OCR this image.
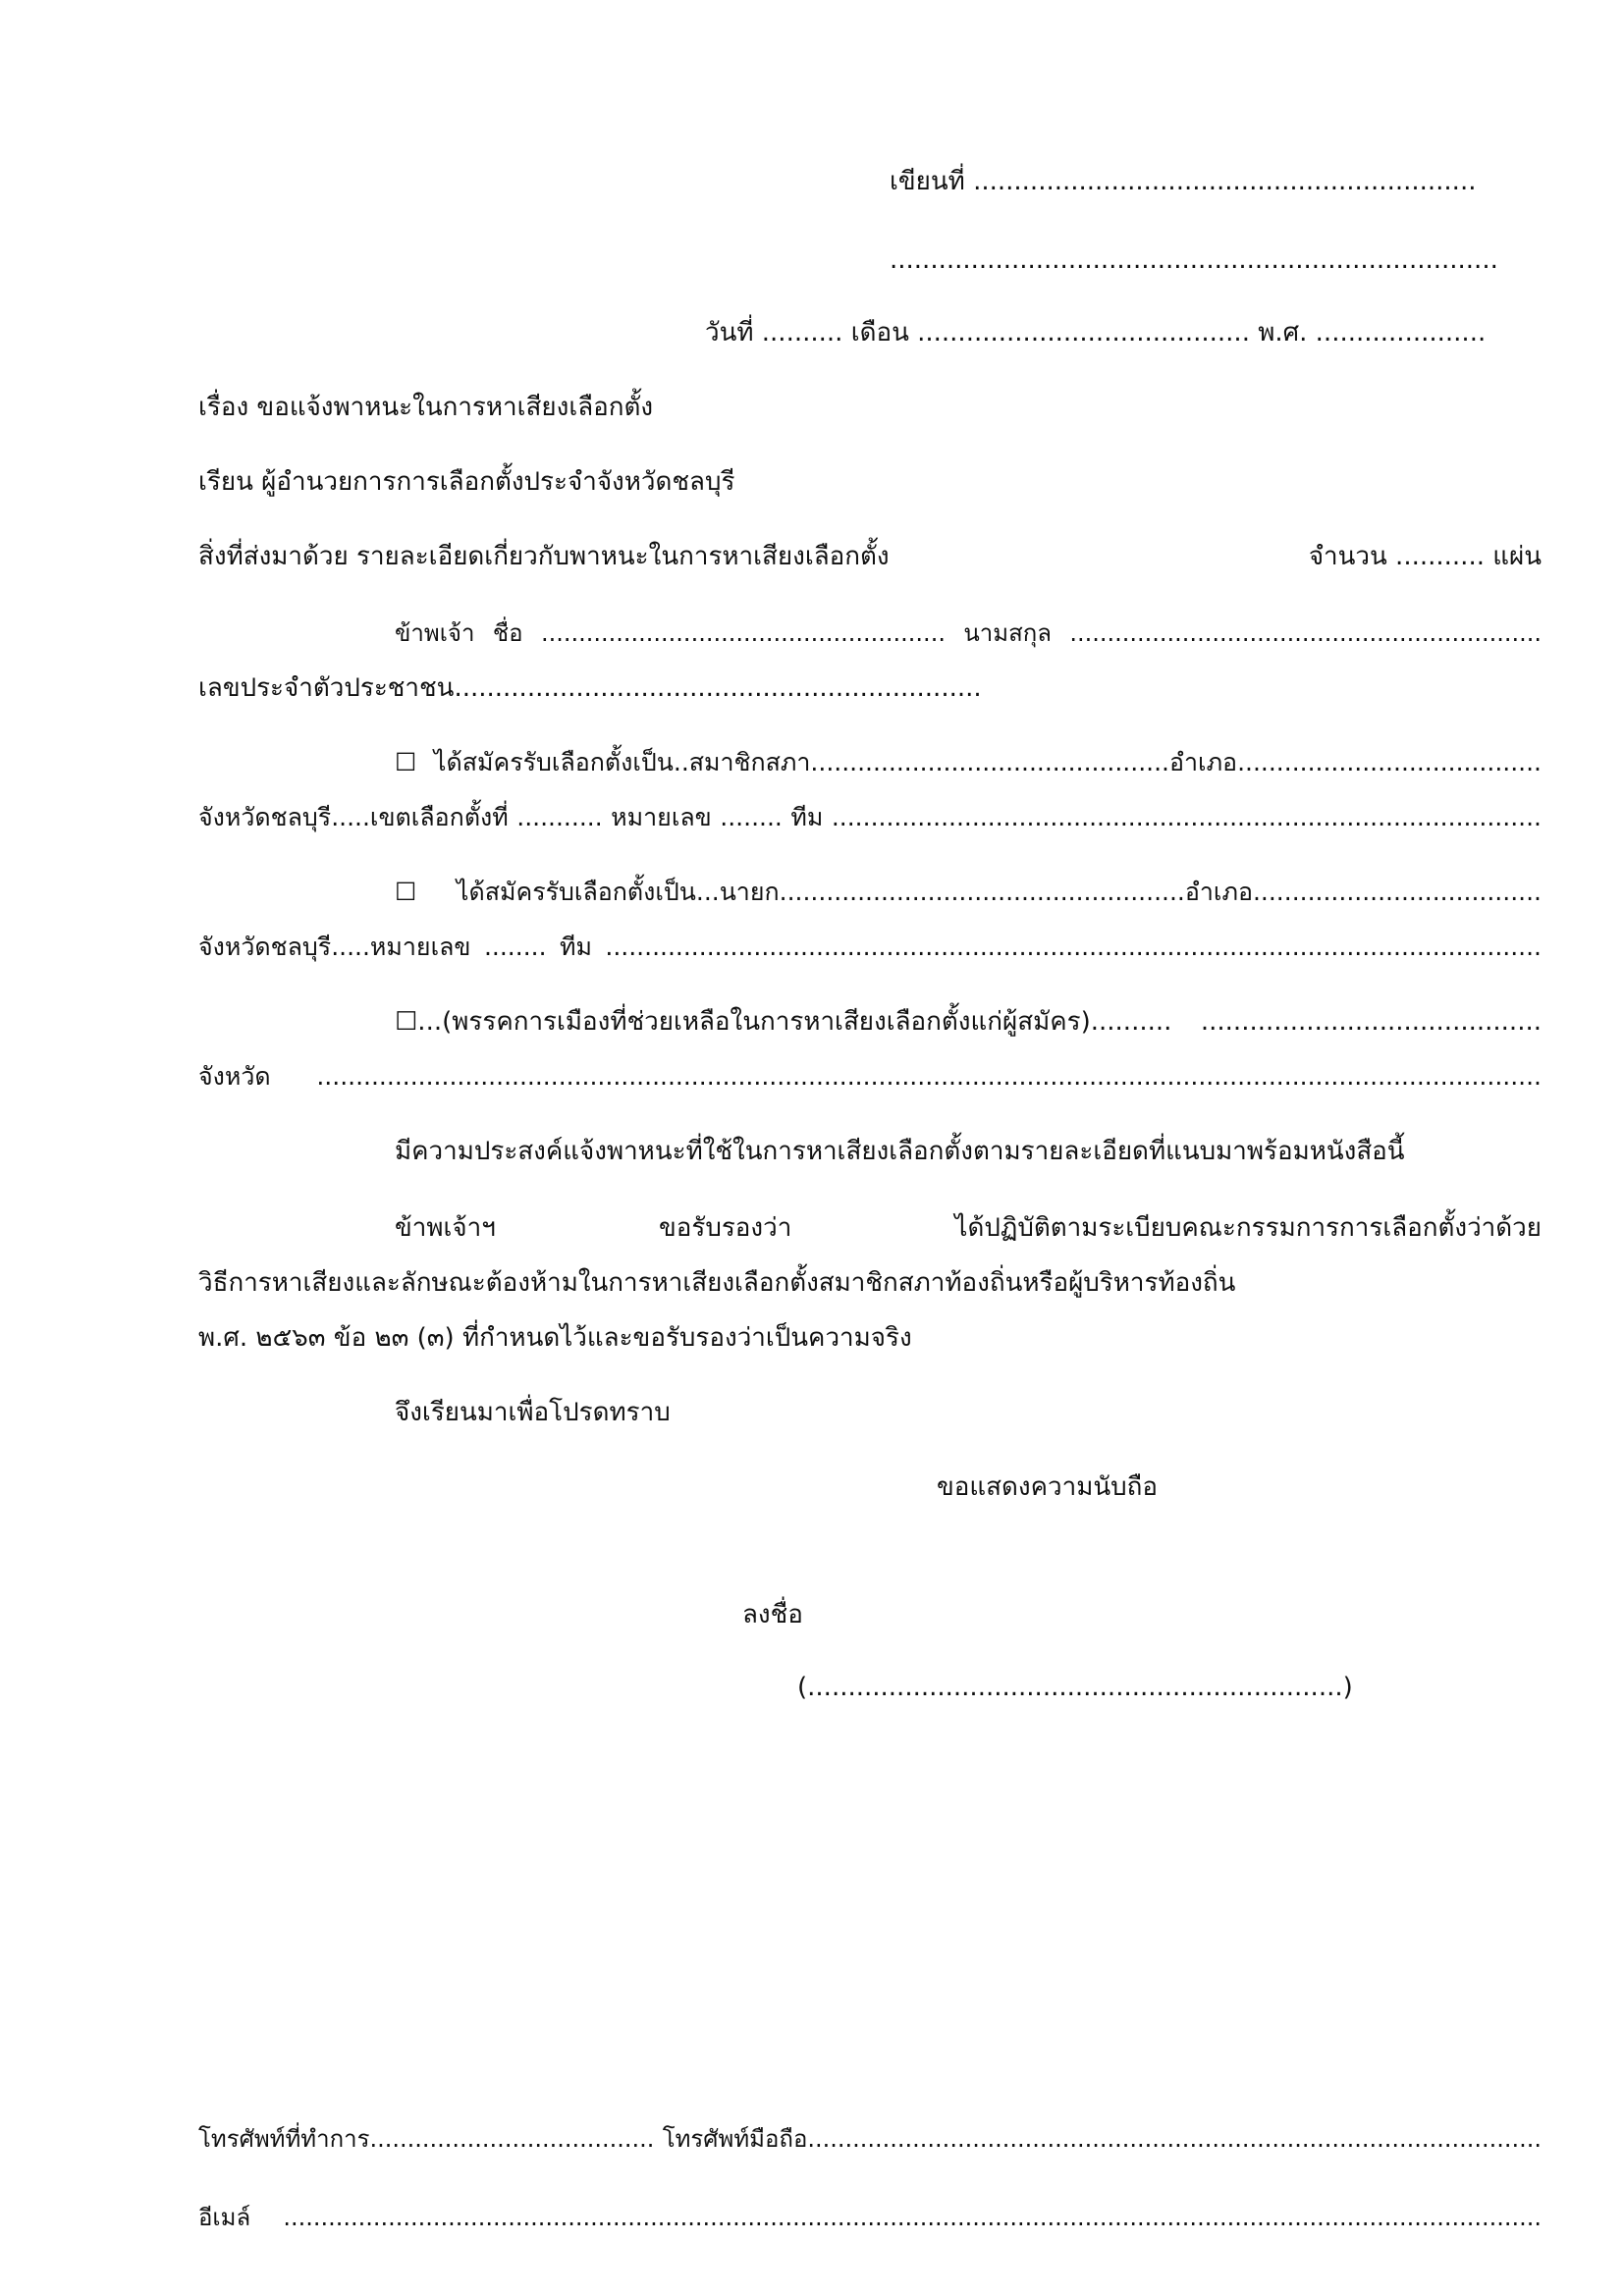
เขียนที่ ..............................................................
...........................................................................
วันที่ .......... เดือน ......................................... พ.ศ. .....................
เรื่อง ขอแจ้งพาหนะในการหาเสียงเลือกตั้ง
เรียน ผู้อำนวยการการเลือกตั้งประจำจังหวัดชลบุรี
สิ่งที่ส่งมาด้วย รายละเอียดเกี่ยวกับพาหนะในการหาเสียงเลือกตั้ง	จำนวน ........... แผ่น
ข้าพเจ้า ชื่อ ...................................................... นามสกุล ...............................................................
เลขประจำตัวประชาชน.................................................................
☐ ได้สมัครรับเลือกตั้งเป็น..สมาชิกสภา..............................................อำเภอ.......................................
จังหวัดชลบุรี.....เขตเลือกตั้งที่ ........... หมายเลข ........ ทีม ...........................................................................................
☐ ได้สมัครรับเลือกตั้งเป็น...นายก....................................................อำเภอ.....................................
จังหวัดชลบุรี.....หมายเลข ........ ทีม ........................................................................................................................
☐...(พรรคการเมืองที่ช่วยเหลือในการหาเสียงเลือกตั้งแก่ผู้สมัคร).......... ..........................................
จังหวัด .............................................................................................................................................................
มีความประสงค์แจ้งพาหนะที่ใช้ในการหาเสียงเลือกตั้งตามรายละเอียดที่แนบมาพร้อมหนังสือนี้
ข้าพเจ้าฯ ขอรับรองว่า ได้ปฏิบัติตามระเบียบคณะกรรมการการเลือกตั้งว่าด้วย
วิธีการหาเสียงและลักษณะต้องห้ามในการหาเสียงเลือกตั้งสมาชิกสภาท้องถิ่นหรือผู้บริหารท้องถิ่น
พ.ศ. ๒๕๖๓ ข้อ ๒๓ (๓) ที่กำหนดไว้และขอรับรองว่าเป็นความจริง
จึงเรียนมาเพื่อโปรดทราบ
ขอแสดงความนับถือ
ลงชื่อ
(..................................................................)
โทรศัพท์ที่ทำการ...................................... โทรศัพท์มือถือ..................................................................................................
อีเมล์ ........................................................................................................................................................................
